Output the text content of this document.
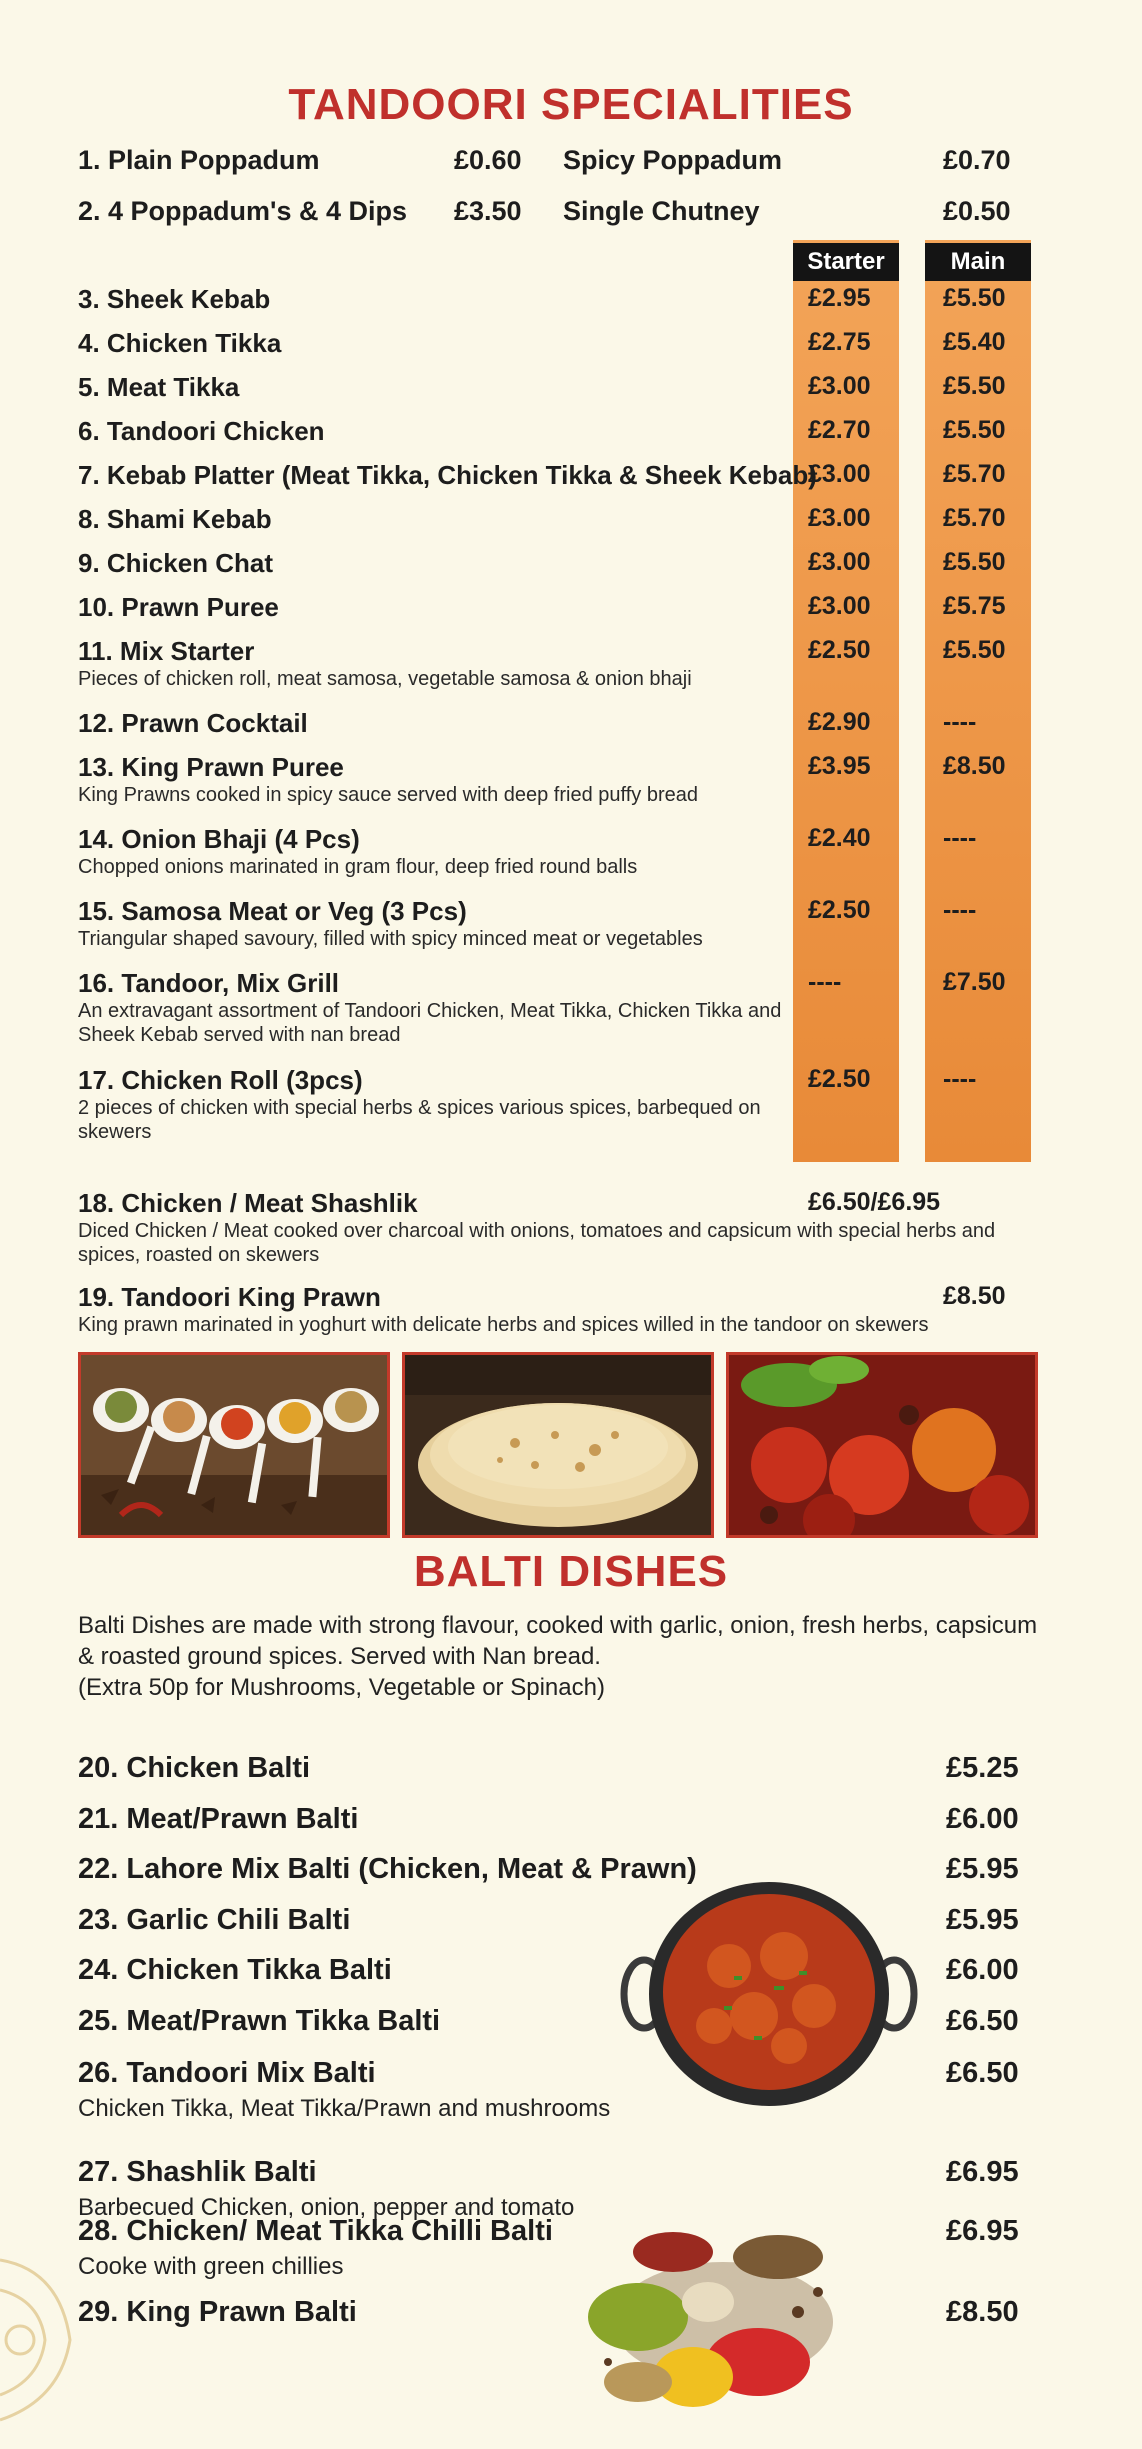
TANDOORI SPECIALITIES
1. Plain Poppadum	£0.60 Spicy Poppadum	£0.70
2. 4 Poppadum's & 4 Dips £3.50 Single Chutney	£0.50
Starter	Main
3. Sheek Kebab	£2.95	£5.50
4. Chicken Tikka	£2.75	£5.40
5. Meat Tikka	£3.00	£5.50
6. Tandoori Chicken	£2.70	£5.50
7. Kebab Platter (Meat Tikka, Chicken Tikka & Sheek Kebab)
£3.00	£5.70
8. Shami Kebab	£3.00	£5.70
9. Chicken Chat	£3.00	£5.50
10. Prawn Puree	£3.00	£5.75
11. Mix Starter
Pieces of chicken roll, meat samosa, vegetable samosa & onion bhaji
£2.50	£5.50
12. Prawn Cocktail	£2.90	----
13. King Prawn Puree
King Prawns cooked in spicy sauce served with deep fried puffy bread
£3.95	£8.50
14. Onion Bhaji (4 Pcs)
Chopped onions marinated in gram flour, deep fried round balls
£2.40	----
15. Samosa Meat or Veg (3 Pcs)
Triangular shaped savoury, filled with spicy minced meat or vegetables
£2.50	----
16. Tandoor, Mix Grill
An extravagant assortment of Tandoori Chicken, Meat Tikka, Chicken Tikka and Sheek Kebab served with nan bread
----	£7.50
17. Chicken Roll (3pcs)
2 pieces of chicken with special herbs & spices various spices, barbequed on skewers
£2.50	----
18. Chicken / Meat Shashlik
Diced Chicken / Meat cooked over charcoal with onions, tomatoes and capsicum with special herbs and spices, roasted on skewers
£6.50/£6.95
19. Tandoori King Prawn
King prawn marinated in yoghurt with delicate herbs and spices willed in the tandoor on skewers
£8.50
BALTI DISHES
Balti Dishes are made with strong flavour, cooked with garlic, onion, fresh herbs, capsicum & roasted ground spices. Served with Nan bread.
(Extra 50p for Mushrooms, Vegetable or Spinach)
20. Chicken Balti	£5.25
21. Meat/Prawn Balti	£6.00
22. Lahore Mix Balti (Chicken, Meat & Prawn)	£5.95
23. Garlic Chili Balti	£5.95
24. Chicken Tikka Balti	£6.00
25. Meat/Prawn Tikka Balti	£6.50
26. Tandoori Mix Balti
Chicken Tikka, Meat Tikka/Prawn and mushrooms
£6.50
27. Shashlik Balti
Barbecued Chicken, onion, pepper and tomato
£6.95
28. Chicken/ Meat Tikka Chilli Balti
Cooke with green chillies
£6.95
29. King Prawn Balti	£8.50
